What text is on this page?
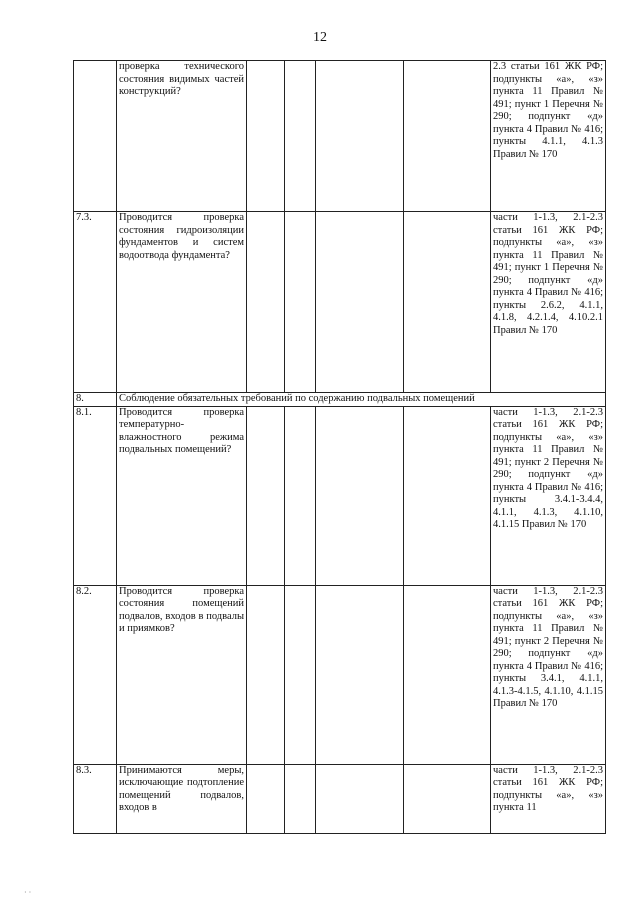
12
	проверка технического состояния видимых частей конструкций?					2.3 статьи 161 ЖК РФ; подпункты «а», «з» пункта 11 Правил № 491; пункт 1 Перечня № 290; подпункт «д» пункта 4 Правил № 416; пункты 4.1.1, 4.1.3 Правил № 170
7.3.	Проводится проверка состояния гидроизоляции фундаментов и систем водоотвода фундамента?					части 1-1.3, 2.1-2.3 статьи 161 ЖК РФ; подпункты «а», «з» пункта 11 Правил № 491; пункт 1 Перечня № 290; подпункт «д» пункта 4 Правил № 416; пункты 2.6.2, 4.1.1, 4.1.8, 4.2.1.4, 4.10.2.1 Правил № 170
8.	Соблюдение обязательных требований по содержанию подвальных помещений					
8.1.	Проводится проверка температурно-влажностного режима подвальных помещений?					части 1-1.3, 2.1-2.3 статьи 161 ЖК РФ; подпункты «а», «з» пункта 11 Правил № 491; пункт 2 Перечня № 290; подпункт «д» пункта 4 Правил № 416; пункты 3.4.1-3.4.4, 4.1.1, 4.1.3, 4.1.10, 4.1.15 Правил № 170
8.2.	Проводится проверка состояния помещений подвалов, входов в подвалы и приямков?					части 1-1.3, 2.1-2.3 статьи 161 ЖК РФ; подпункты «а», «з» пункта 11 Правил № 491; пункт 2 Перечня № 290; подпункт «д» пункта 4 Правил № 416; пункты 3.4.1, 4.1.1, 4.1.3-4.1.5, 4.1.10, 4.1.15 Правил № 170
8.3.	Принимаются меры, исключающие подтопление помещений подвалов, входов в					части 1-1.3, 2.1-2.3 статьи 161 ЖК РФ; подпункты «а», «з» пункта 11
· ·
